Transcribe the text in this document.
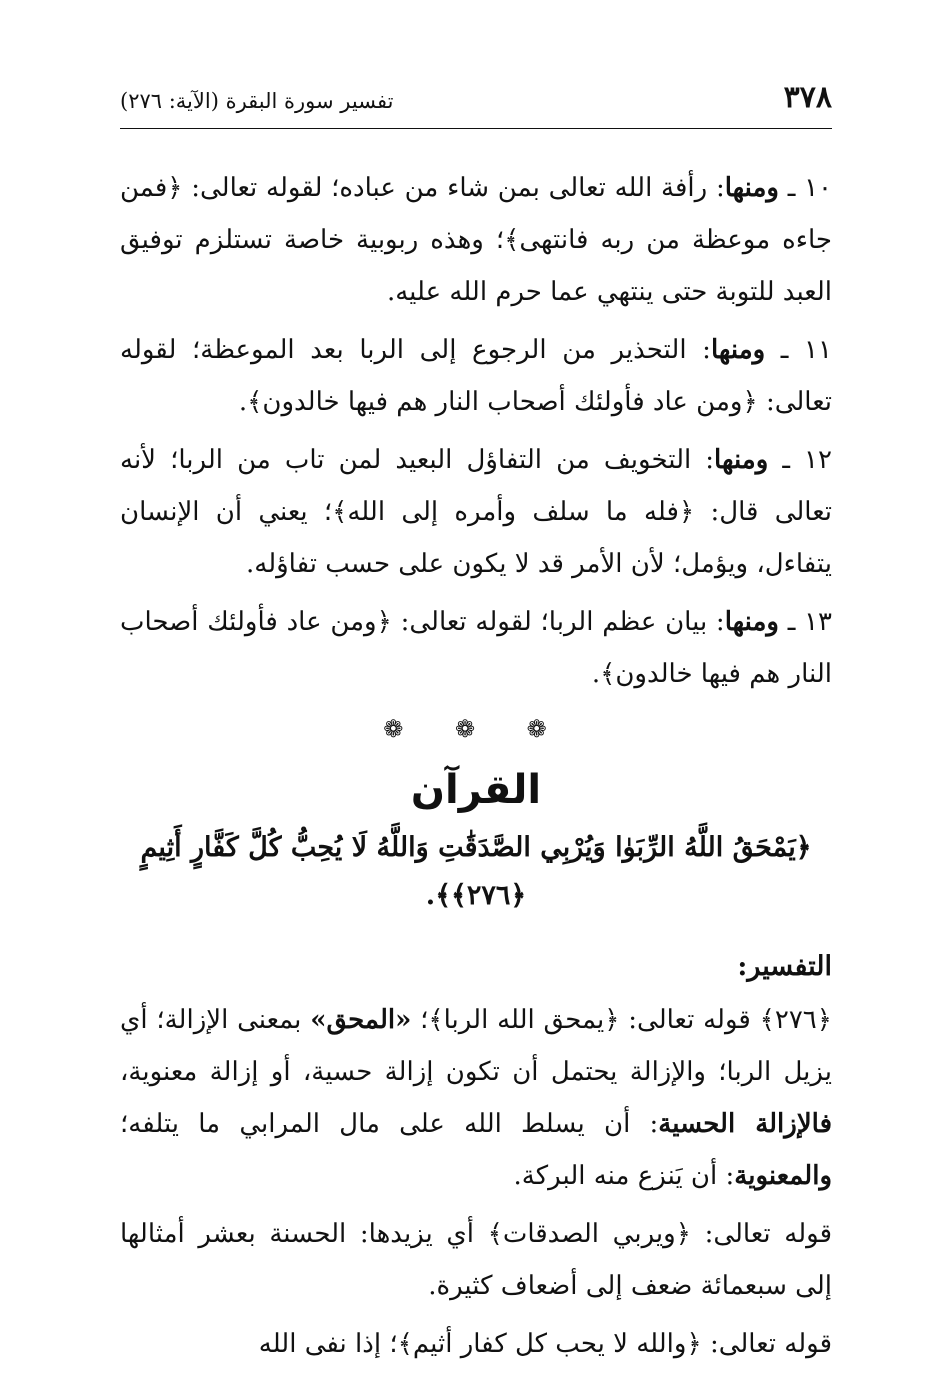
٣٧٨
تفسير سورة البقرة (الآية: ٢٧٦)

١٠ ـ ومنها: رأفة الله تعالى بمن شاء من عباده؛ لقوله تعالى: ﴿فمن جاءه موعظة من ربه فانتهى﴾؛ وهذه ربوبية خاصة تستلزم توفيق العبد للتوبة حتى ينتهي عما حرم الله عليه.

١١ ـ ومنها: التحذير من الرجوع إلى الربا بعد الموعظة؛ لقوله تعالى: ﴿ومن عاد فأولئك أصحاب النار هم فيها خالدون﴾.

١٢ ـ ومنها: التخويف من التفاؤل البعيد لمن تاب من الربا؛ لأنه تعالى قال: ﴿فله ما سلف وأمره إلى الله﴾؛ يعني أن الإنسان يتفاءل، ويؤمل؛ لأن الأمر قد لا يكون على حسب تفاؤله.

١٣ ـ ومنها: بيان عظم الربا؛ لقوله تعالى: ﴿ومن عاد فأولئك أصحاب النار هم فيها خالدون﴾.

❁ ❁ ❁
القرآن
﴿يَمْحَقُ اللَّهُ الرِّبَوٰا وَيُرْبِي الصَّدَقَٰتِ وَاللَّهُ لَا يُحِبُّ كُلَّ كَفَّارٍ أَثِيمٍ ﴿٢٧٦﴾﴾.
التفسير:

﴿٢٧٦﴾ قوله تعالى: ﴿يمحق الله الربا﴾؛ «المحق» بمعنى الإزالة؛ أي يزيل الربا؛ والإزالة يحتمل أن تكون إزالة حسية، أو إزالة معنوية، فالإزالة الحسية: أن يسلط الله على مال المرابي ما يتلفه؛ والمعنوية: أن يَنزع منه البركة.

قوله تعالى: ﴿ويربي الصدقات﴾ أي يزيدها: الحسنة بعشر أمثالها إلى سبعمائة ضعف إلى أضعاف كثيرة.

قوله تعالى: ﴿والله لا يحب كل كفار أثيم﴾؛ إذا نفى الله
